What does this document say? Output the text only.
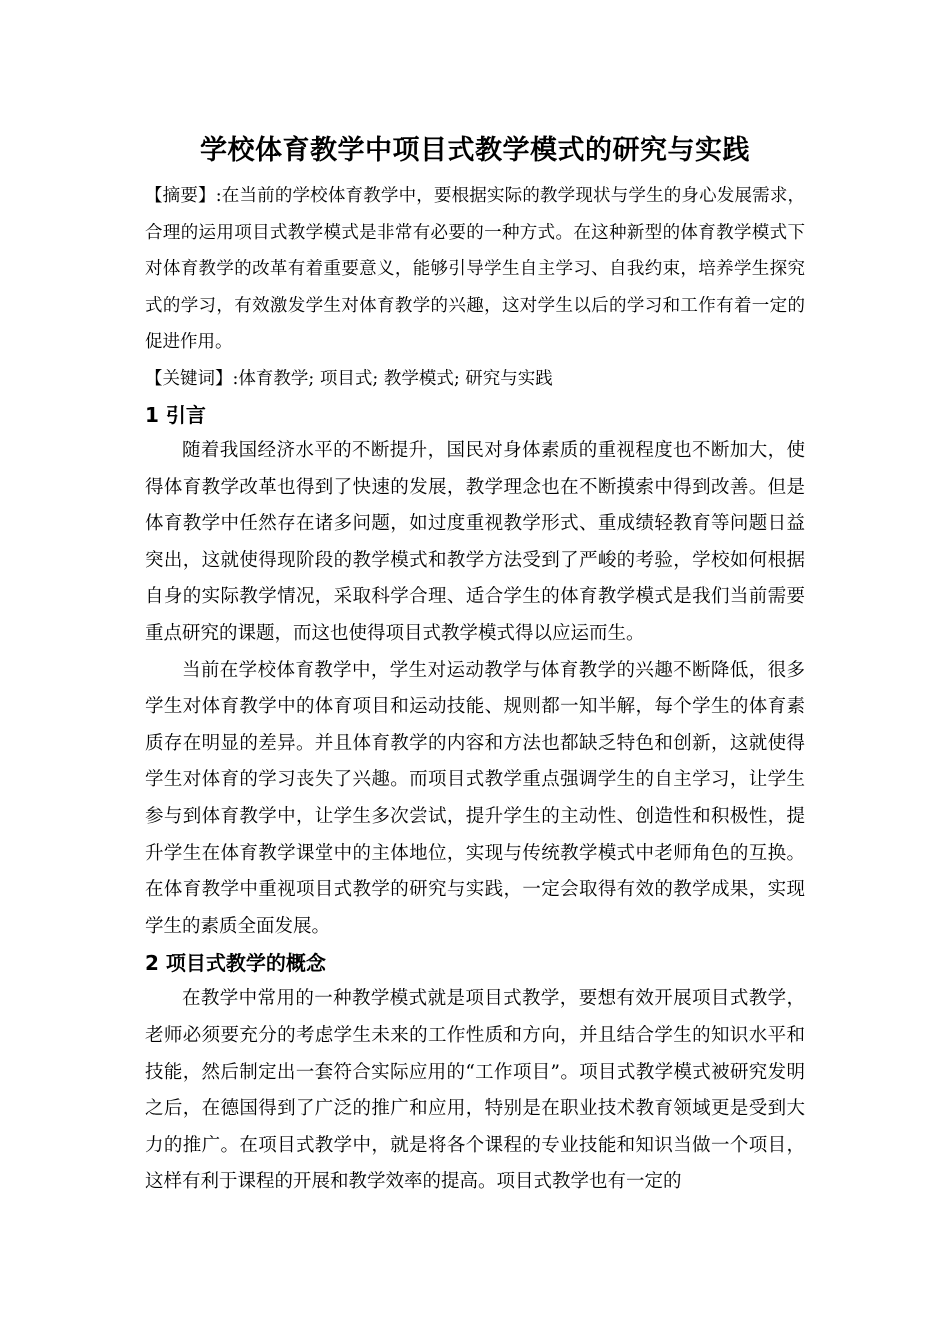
学校体育教学中项目式教学模式的研究与实践

【摘要】:在当前的学校体育教学中，要根据实际的教学现状与学生的身心发展需求，合理的运用项目式教学模式是非常有必要的一种方式。在这种新型的体育教学模式下对体育教学的改革有着重要意义，能够引导学生自主学习、自我约束，培养学生探究式的学习，有效激发学生对体育教学的兴趣，这对学生以后的学习和工作有着一定的促进作用。

【关键词】:体育教学; 项目式; 教学模式; 研究与实践

1 引言

随着我国经济水平的不断提升，国民对身体素质的重视程度也不断加大，使得体育教学改革也得到了快速的发展，教学理念也在不断摸索中得到改善。但是体育教学中任然存在诸多问题，如过度重视教学形式、重成绩轻教育等问题日益突出，这就使得现阶段的教学模式和教学方法受到了严峻的考验，学校如何根据自身的实际教学情况，采取科学合理、适合学生的体育教学模式是我们当前需要重点研究的课题，而这也使得项目式教学模式得以应运而生。

当前在学校体育教学中，学生对运动教学与体育教学的兴趣不断降低，很多学生对体育教学中的体育项目和运动技能、规则都一知半解，每个学生的体育素质存在明显的差异。并且体育教学的内容和方法也都缺乏特色和创新，这就使得学生对体育的学习丧失了兴趣。而项目式教学重点强调学生的自主学习，让学生参与到体育教学中，让学生多次尝试，提升学生的主动性、创造性和积极性，提升学生在体育教学课堂中的主体地位，实现与传统教学模式中老师角色的互换。在体育教学中重视项目式教学的研究与实践，一定会取得有效的教学成果，实现学生的素质全面发展。

2 项目式教学的概念

在教学中常用的一种教学模式就是项目式教学，要想有效开展项目式教学，老师必须要充分的考虑学生未来的工作性质和方向，并且结合学生的知识水平和技能，然后制定出一套符合实际应用的“工作项目”。项目式教学模式被研究发明之后，在德国得到了广泛的推广和应用，特别是在职业技术教育领域更是受到大力的推广。在项目式教学中，就是将各个课程的专业技能和知识当做一个项目，这样有利于课程的开展和教学效率的提高。项目式教学也有一定的
